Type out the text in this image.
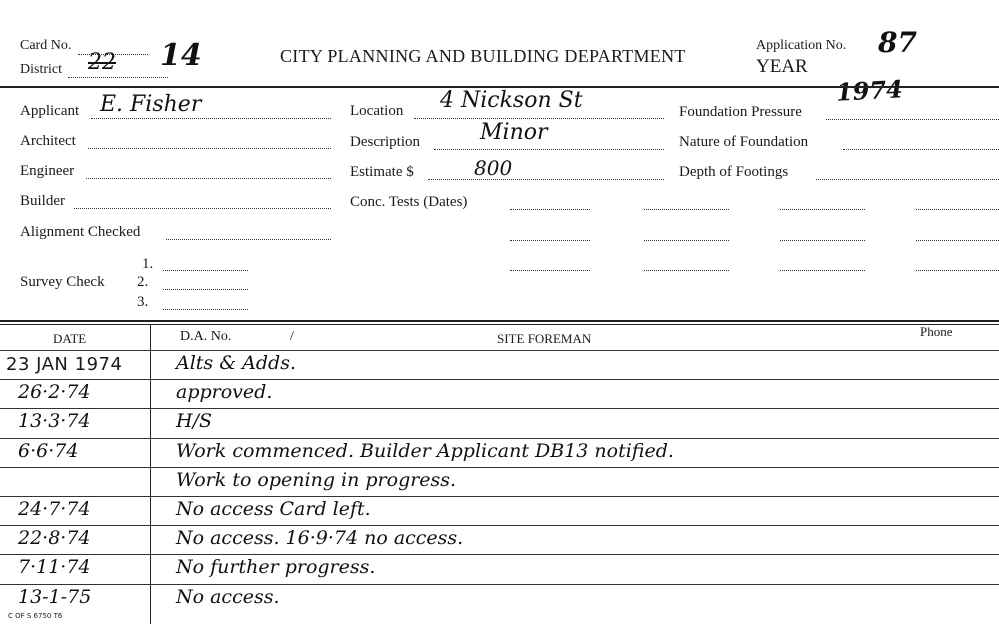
Card No.
22 14
District
CITY PLANNING AND BUILDING DEPARTMENT
Application No. 87
YEAR
1974
Applicant E. Fisher
Architect
Engineer
Builder
Alignment Checked
Survey Check
1.
2.
3.
Location 4 Nickson St
Description	Minor
Estimate $	800
Conc. Tests (Dates)
Foundation Pressure
Nature of Foundation
Depth of Footings
DATE	D.A. No.	/	SITE FOREMAN	Phone
23 JAN 1974	Alts & Adds.
26·2·74	approved.
13·3·74	H/S
6·6·74	Work commenced. Builder Applicant DB13 notified.
Work to opening in progress.
24·7·74	No access Card left.
22·8·74	No access. 16·9·74 no access.
7·11·74	No further progress.
13-1-75	No access.
C OF S 6750 T6
